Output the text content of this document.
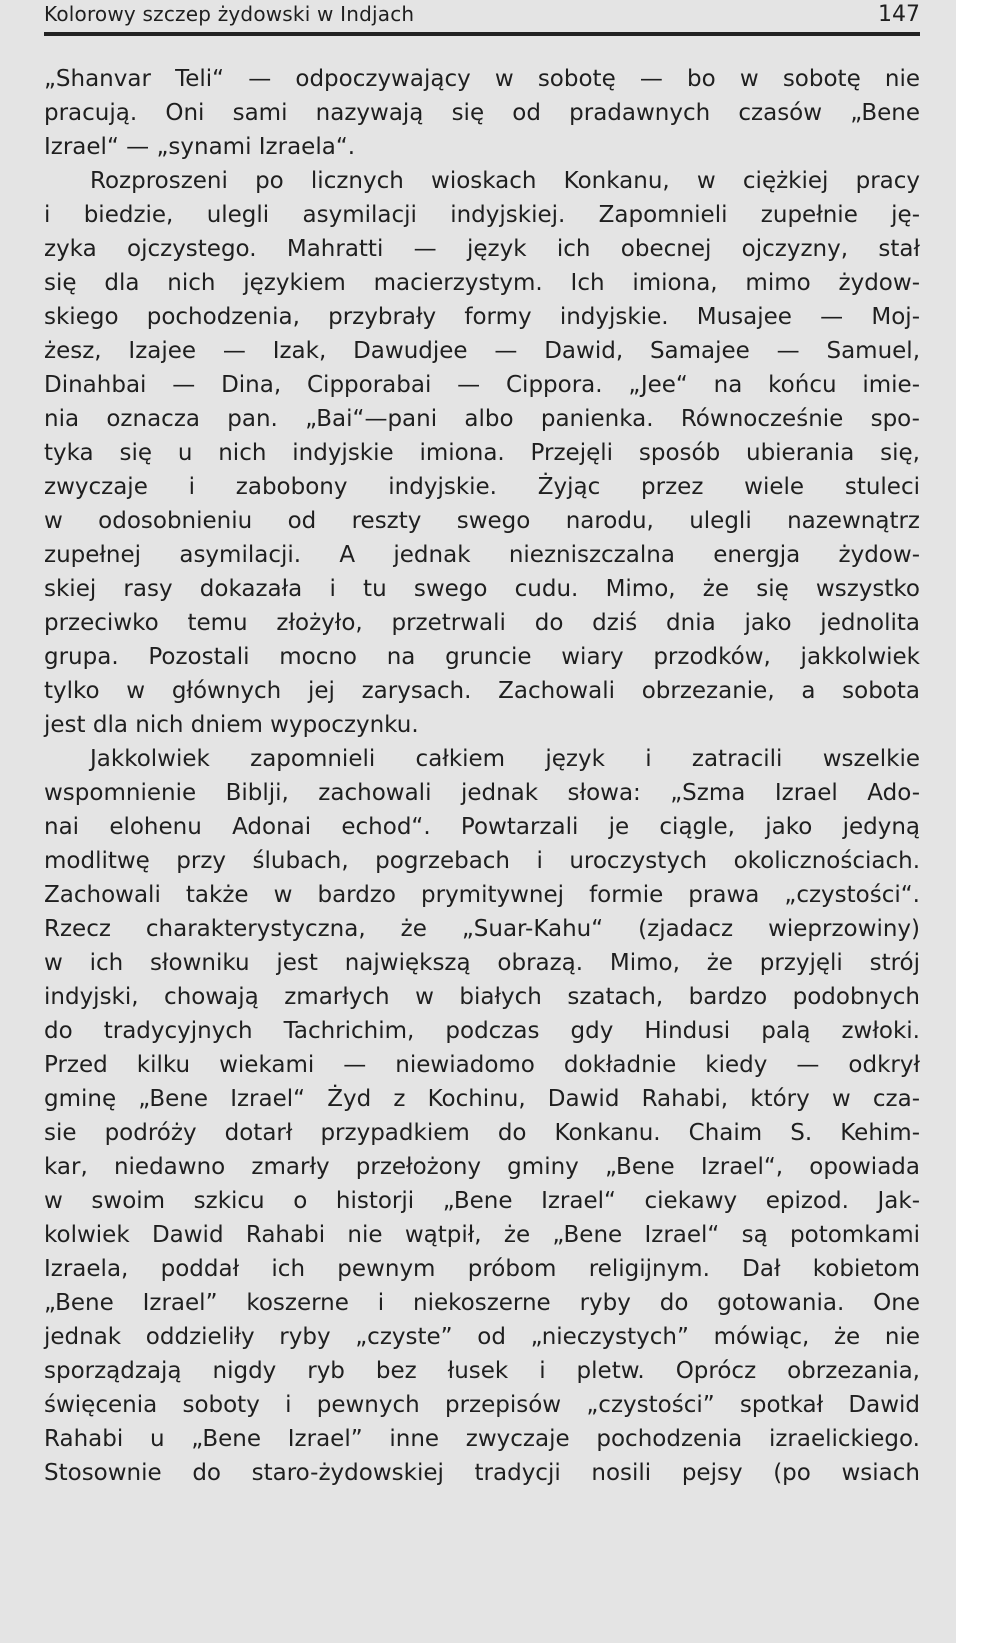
Kolorowy szczep żydowski w Indjach	147
„Shanvar Teli“ — odpoczywający w sobotę — bo w sobotę nie
pracują. Oni sami nazywają się od pradawnych czasów „Bene
Izrael“ — „synami Izraela“.
Rozproszeni po licznych wioskach Konkanu, w ciężkiej pracy
i biedzie, ulegli asymilacji indyjskiej. Zapomnieli zupełnie ję-
zyka ojczystego. Mahratti — język ich obecnej ojczyzny, stał
się dla nich językiem macierzystym. Ich imiona, mimo żydow-
skiego pochodzenia, przybrały formy indyjskie. Musajee — Moj-
żesz, Izajee — Izak, Dawudjee — Dawid, Samajee — Samuel,
Dinahbai — Dina, Cipporabai — Cippora. „Jee“ na końcu imie-
nia oznacza pan. „Bai“—pani albo panienka. Równocześnie spo-
tyka się u nich indyjskie imiona. Przejęli sposób ubierania się,
zwyczaje i zabobony indyjskie. Żyjąc przez wiele stuleci
w odosobnieniu od reszty swego narodu, ulegli nazewnątrz
zupełnej asymilacji. A jednak niezniszczalna energja żydow-
skiej rasy dokazała i tu swego cudu. Mimo, że się wszystko
przeciwko temu złożyło, przetrwali do dziś dnia jako jednolita
grupa. Pozostali mocno na gruncie wiary przodków, jakkolwiek
tylko w głównych jej zarysach. Zachowali obrzezanie, a sobota
jest dla nich dniem wypoczynku.
Jakkolwiek zapomnieli całkiem język i zatracili wszelkie
wspomnienie Biblji, zachowali jednak słowa: „Szma Izrael Ado-
nai elohenu Adonai echod“. Powtarzali je ciągle, jako jedyną
modlitwę przy ślubach, pogrzebach i uroczystych okolicznościach.
Zachowali także w bardzo prymitywnej formie prawa „czystości“.
Rzecz charakterystyczna, że „Suar-Kahu“ (zjadacz wieprzowiny)
w ich słowniku jest największą obrazą. Mimo, że przyjęli strój
indyjski, chowają zmarłych w białych szatach, bardzo podobnych
do tradycyjnych Tachrichim, podczas gdy Hindusi palą zwłoki.
Przed kilku wiekami — niewiadomo dokładnie kiedy — odkrył
gminę „Bene Izrael“ Żyd z Kochinu, Dawid Rahabi, który w cza-
sie podróży dotarł przypadkiem do Konkanu. Chaim S. Kehim-
kar, niedawno zmarły przełożony gminy „Bene Izrael“, opowiada
w swoim szkicu o historji „Bene Izrael“ ciekawy epizod. Jak-
kolwiek Dawid Rahabi nie wątpił, że „Bene Izrael“ są potomkami
Izraela, poddał ich pewnym próbom religijnym. Dał kobietom
„Bene Izrael” koszerne i niekoszerne ryby do gotowania. One
jednak oddzieliły ryby „czyste” od „nieczystych” mówiąc, że nie
sporządzają nigdy ryb bez łusek i pletw. Oprócz obrzezania,
święcenia soboty i pewnych przepisów „czystości” spotkał Dawid
Rahabi u „Bene Izrael” inne zwyczaje pochodzenia izraelickiego.
Stosownie do staro-żydowskiej tradycji nosili pejsy (po wsiach
